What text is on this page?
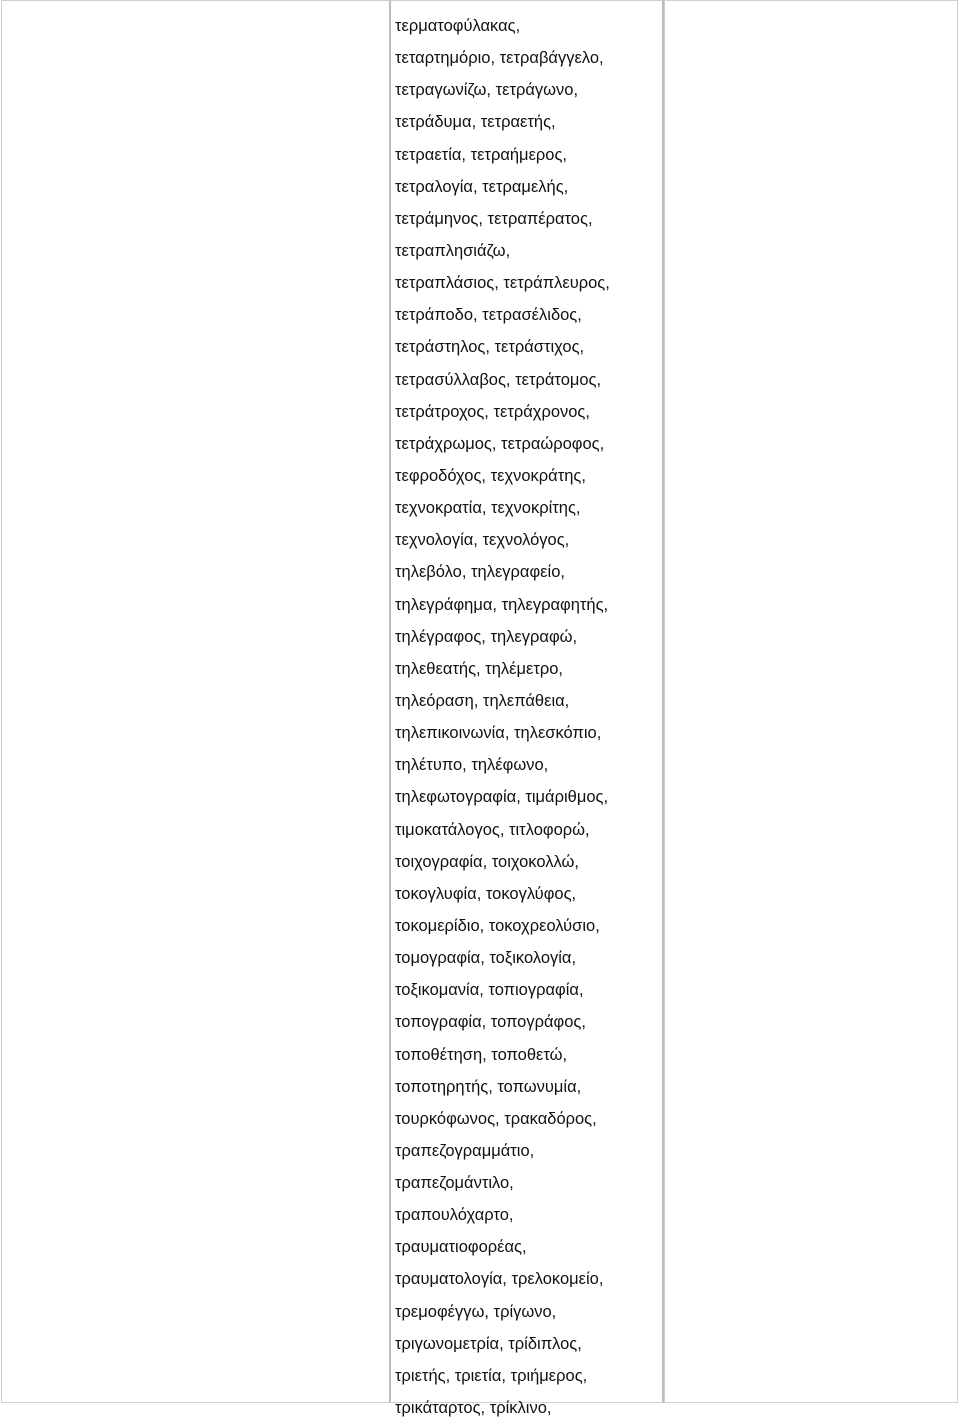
τερματοφύλακας,
τεταρτημόριο, τετραβάγγελο,
τετραγωνίζω, τετράγωνο,
τετράδυμα, τετραετής,
τετραετία, τετραήμερος,
τετραλογία, τετραμελής,
τετράμηνος, τετραπέρατος,
τετραπλησιάζω,
τετραπλάσιος, τετράπλευρος,
τετράποδο, τετρασέλιδος,
τετράστηλος, τετράστιχος,
τετρασύλλαβος, τετράτομος,
τετράτροχος, τετράχρονος,
τετράχρωμος, τετραώροφος,
τεφροδόχος, τεχνοκράτης,
τεχνοκρατία, τεχνοκρίτης,
τεχνολογία, τεχνολόγος,
τηλεβόλο, τηλεγραφείο,
τηλεγράφημα, τηλεγραφητής,
τηλέγραφος, τηλεγραφώ,
τηλεθεατής, τηλέμετρο,
τηλεόραση, τηλεπάθεια,
τηλεπικοινωνία, τηλεσκόπιο,
τηλέτυπο, τηλέφωνο,
τηλεφωτογραφία, τιμάριθμος,
τιμοκατάλογος, τιτλοφορώ,
τοιχογραφία, τοιχοκολλώ,
τοκογλυφία, τοκογλύφος,
τοκομερίδιο, τοκοχρεολύσιο,
τομογραφία, τοξικολογία,
τοξικομανία, τοπιογραφία,
τοπογραφία, τοπογράφος,
τοποθέτηση, τοποθετώ,
τοποτηρητής, τοπωνυμία,
τουρκόφωνος, τρακαδόρος,
τραπεζογραμμάτιο,
τραπεζομάντιλο,
τραπουλόχαρτο,
τραυματιοφορέας,
τραυματολογία, τρελοκομείο,
τρεμοφέγγω, τρίγωνο,
τριγωνομετρία, τρίδιπλος,
τριετής, τριετία, τριήμερος,
τρικάταρτος, τρίκλινο,
